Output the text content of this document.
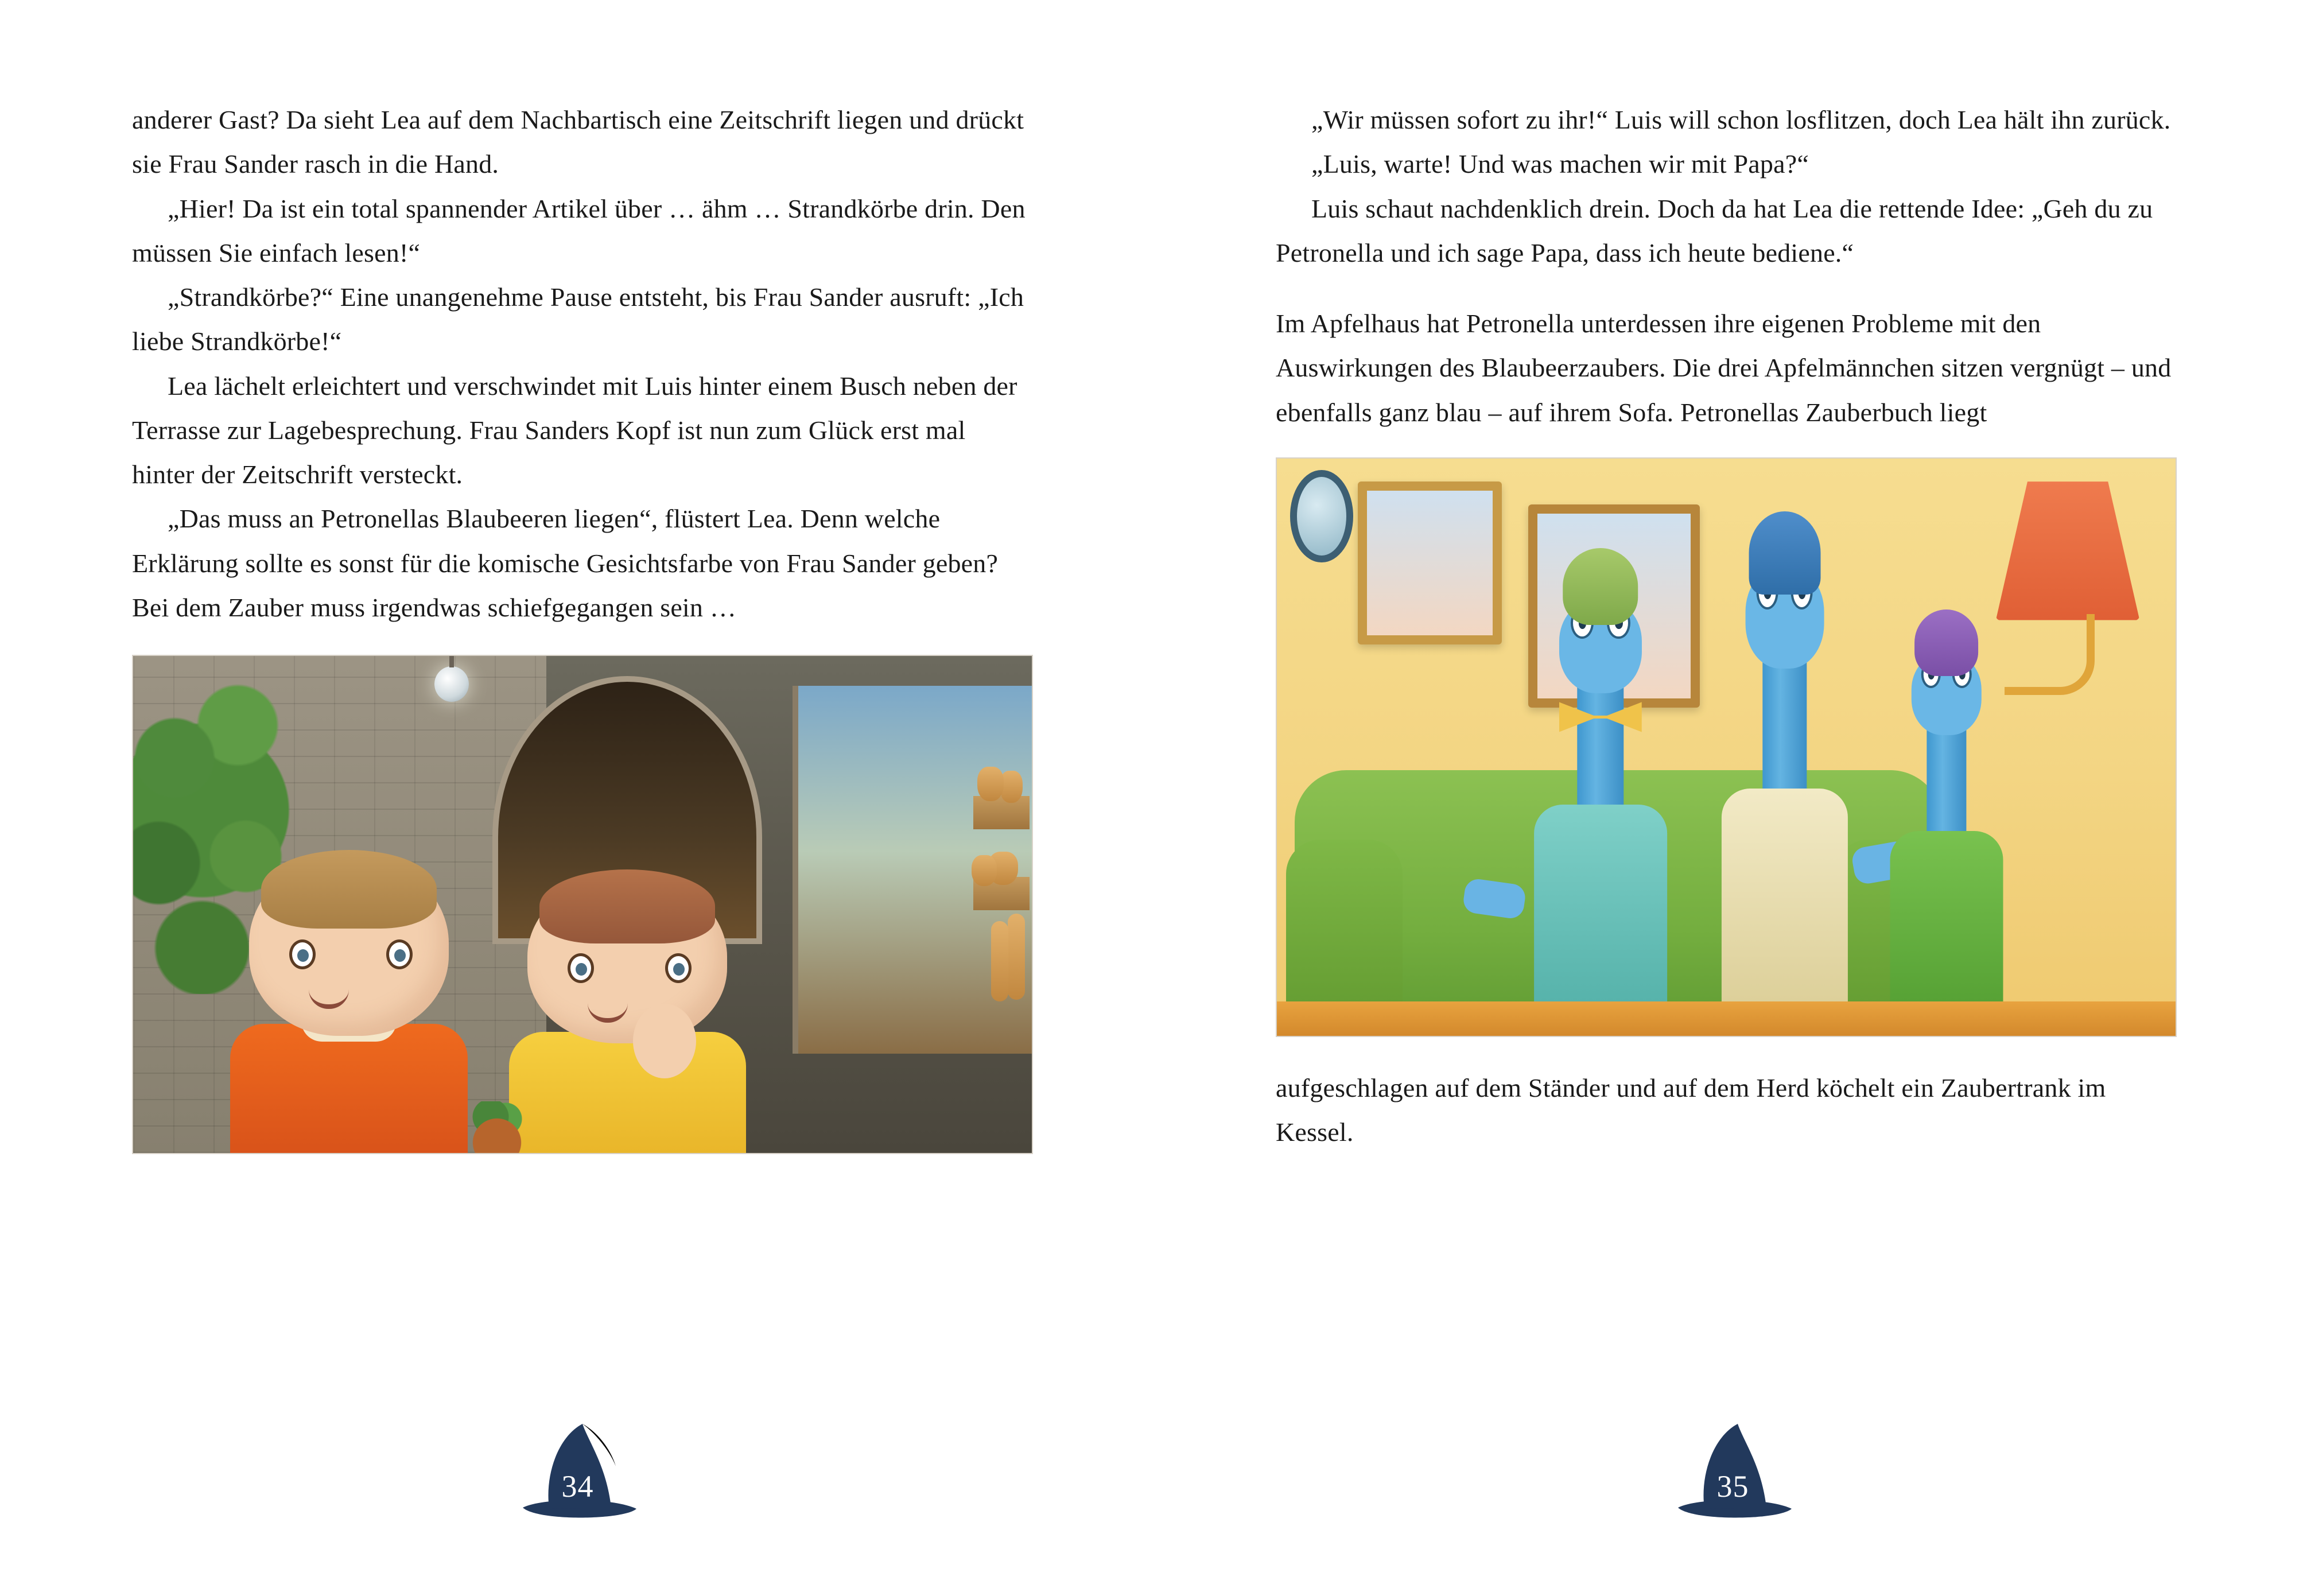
anderer Gast? Da sieht Lea auf dem Nachbartisch eine Zeitschrift liegen und drückt sie Frau Sander rasch in die Hand.

„Hier! Da ist ein total spannender Artikel über … ähm … Strandkörbe drin. Den müssen Sie einfach lesen!“

„Strandkörbe?“ Eine unangenehme Pause entsteht, bis Frau Sander ausruft: „Ich liebe Strandkörbe!“

Lea lächelt erleichtert und verschwindet mit Luis hinter einem Busch neben der Terrasse zur Lagebesprechung. Frau Sanders Kopf ist nun zum Glück erst mal hinter der Zeitschrift versteckt.

„Das muss an Petronellas Blaubeeren liegen“, flüstert Lea. Denn welche Erklärung sollte es sonst für die komische Gesichtsfarbe von Frau Sander geben? Bei dem Zauber muss irgendwas schiefgegangen sein …

34

„Wir müssen sofort zu ihr!“ Luis will schon losflitzen, doch Lea hält ihn zurück.

„Luis, warte! Und was machen wir mit Papa?“

Luis schaut nachdenklich drein. Doch da hat Lea die rettende Idee: „Geh du zu Petronella und ich sage Papa, dass ich heute bediene.“

Im Apfelhaus hat Petronella unterdessen ihre eigenen Probleme mit den Auswirkungen des Blaubeerzaubers. Die drei Apfelmännchen sitzen vergnügt – und ebenfalls ganz blau – auf ihrem Sofa. Petronellas Zauberbuch liegt

aufgeschlagen auf dem Ständer und auf dem Herd köchelt ein Zaubertrank im Kessel.

35
